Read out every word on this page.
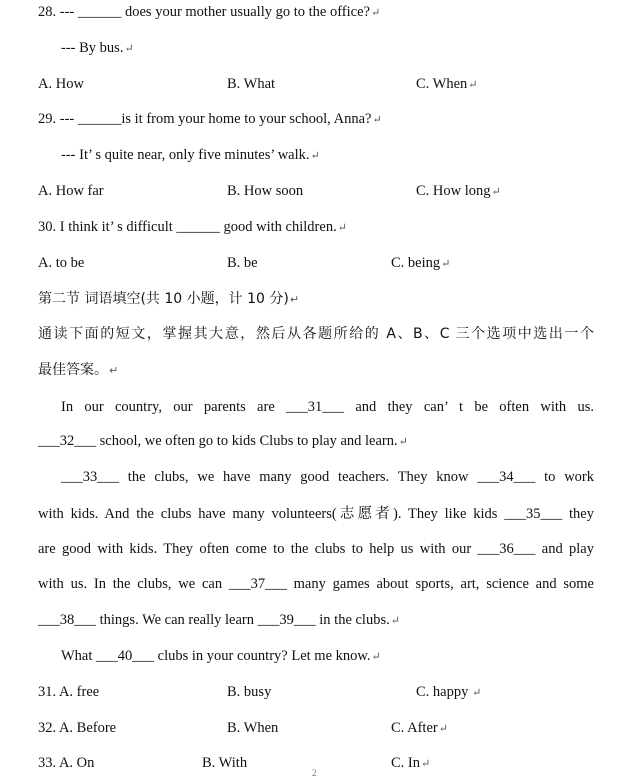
28. --- ______ does your mother usually go to the office?↵
--- By bus.↵
A. How	B. What	C. When↵
29. --- ______is it from your home to your school, Anna?↵
--- It’ s quite near, only five minutes’ walk.↵
A. How far	B. How soon	C. How long↵
30. I think it’ s difficult ______ good with children.↵
A. to be	B. be	C. being↵
第二节 词语填空(共 10 小题，计 10 分)↵
通读下面的短文，掌握其大意，然后从各题所给的 A、B、C 三个选项中选出一个
最佳答案。↵
In our country, our parents are ___31___ and they can’ t be often with us.
___32___ school, we often go to kids Clubs to play and learn.↵
___33___ the clubs, we have many good teachers. They know ___34___ to work
with kids. And the clubs have many volunteers(志愿者). They like kids ___35___ they
are good with kids. They often come to the clubs to help us with our ___36___ and play
with us. In the clubs, we can ___37___ many games about sports, art, science and some
___38___ things. We can really learn ___39___ in the clubs.↵
What ___40___ clubs in your country? Let me know.↵
31. A. free	B. busy	C. happy ↵
32. A. Before	B. When	C. After↵
33. A. On	B. With	C. In↵
2
